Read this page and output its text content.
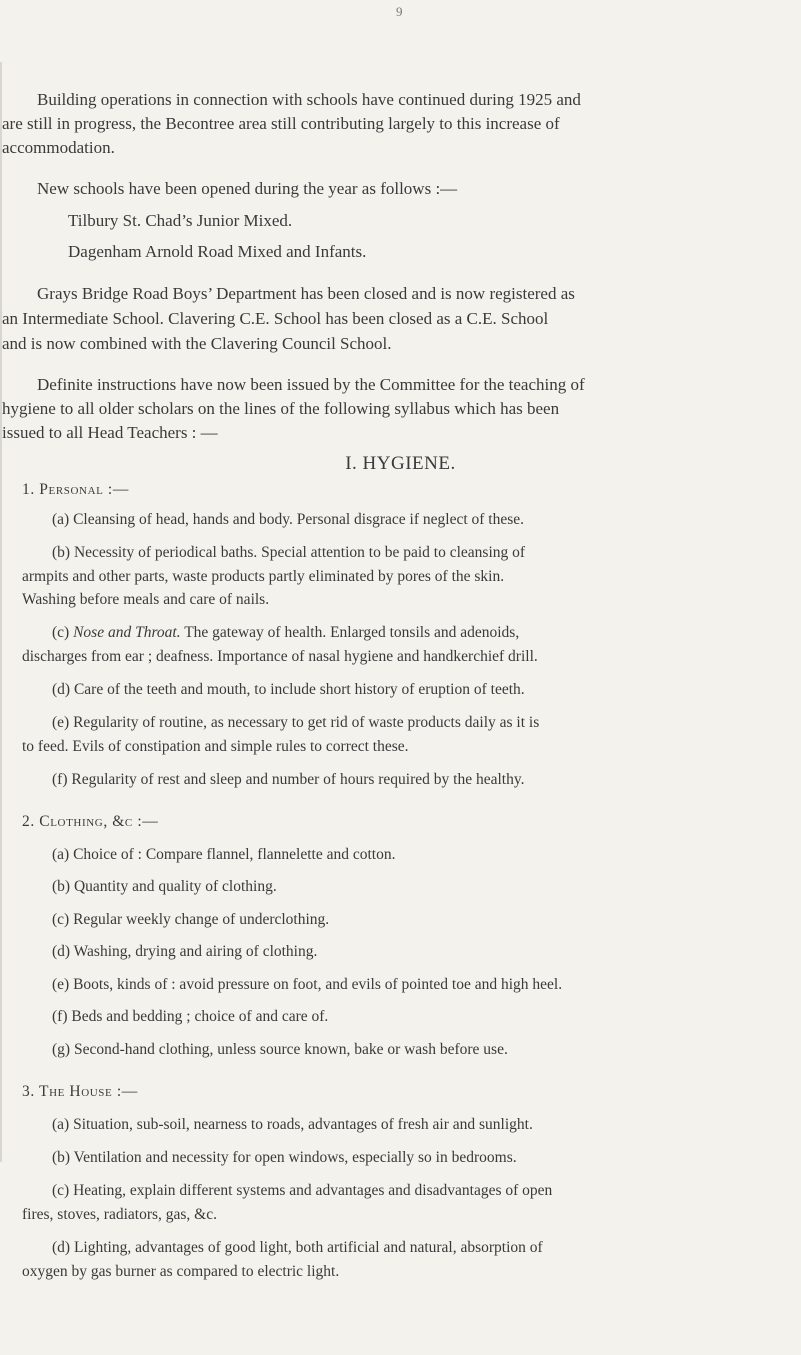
9
Building operations in connection with schools have continued during 1925 and
are still in progress, the Becontree area still contributing largely to this increase of
accommodation.
New schools have been opened during the year as follows :—
Tilbury St. Chad’s Junior Mixed.
Dagenham Arnold Road Mixed and Infants.
Grays Bridge Road Boys’ Department has been closed and is now registered as
an Intermediate School. Clavering C.E. School has been closed as a C.E. School
and is now combined with the Clavering Council School.
Definite instructions have now been issued by the Committee for the teaching of
hygiene to all older scholars on the lines of the following syllabus which has been
issued to all Head Teachers : —
I. HYGIENE.
1. Personal :—
(a) Cleansing of head, hands and body. Personal disgrace if neglect of these.
(b) Necessity of periodical baths. Special attention to be paid to cleansing of
armpits and other parts, waste products partly eliminated by pores of the skin.
Washing before meals and care of nails.
(c) Nose and Throat. The gateway of health. Enlarged tonsils and adenoids,
discharges from ear ; deafness. Importance of nasal hygiene and handkerchief drill.
(d) Care of the teeth and mouth, to include short history of eruption of teeth.
(e) Regularity of routine, as necessary to get rid of waste products daily as it is
to feed. Evils of constipation and simple rules to correct these.
(f) Regularity of rest and sleep and number of hours required by the healthy.
2. Clothing, &c :—
(a) Choice of : Compare flannel, flannelette and cotton.
(b) Quantity and quality of clothing.
(c) Regular weekly change of underclothing.
(d) Washing, drying and airing of clothing.
(e) Boots, kinds of : avoid pressure on foot, and evils of pointed toe and high heel.
(f) Beds and bedding ; choice of and care of.
(g) Second-hand clothing, unless source known, bake or wash before use.
3. The House :—
(a) Situation, sub-soil, nearness to roads, advantages of fresh air and sunlight.
(b) Ventilation and necessity for open windows, especially so in bedrooms.
(c) Heating, explain different systems and advantages and disadvantages of open
fires, stoves, radiators, gas, &c.
(d) Lighting, advantages of good light, both artificial and natural, absorption of
oxygen by gas burner as compared to electric light.
